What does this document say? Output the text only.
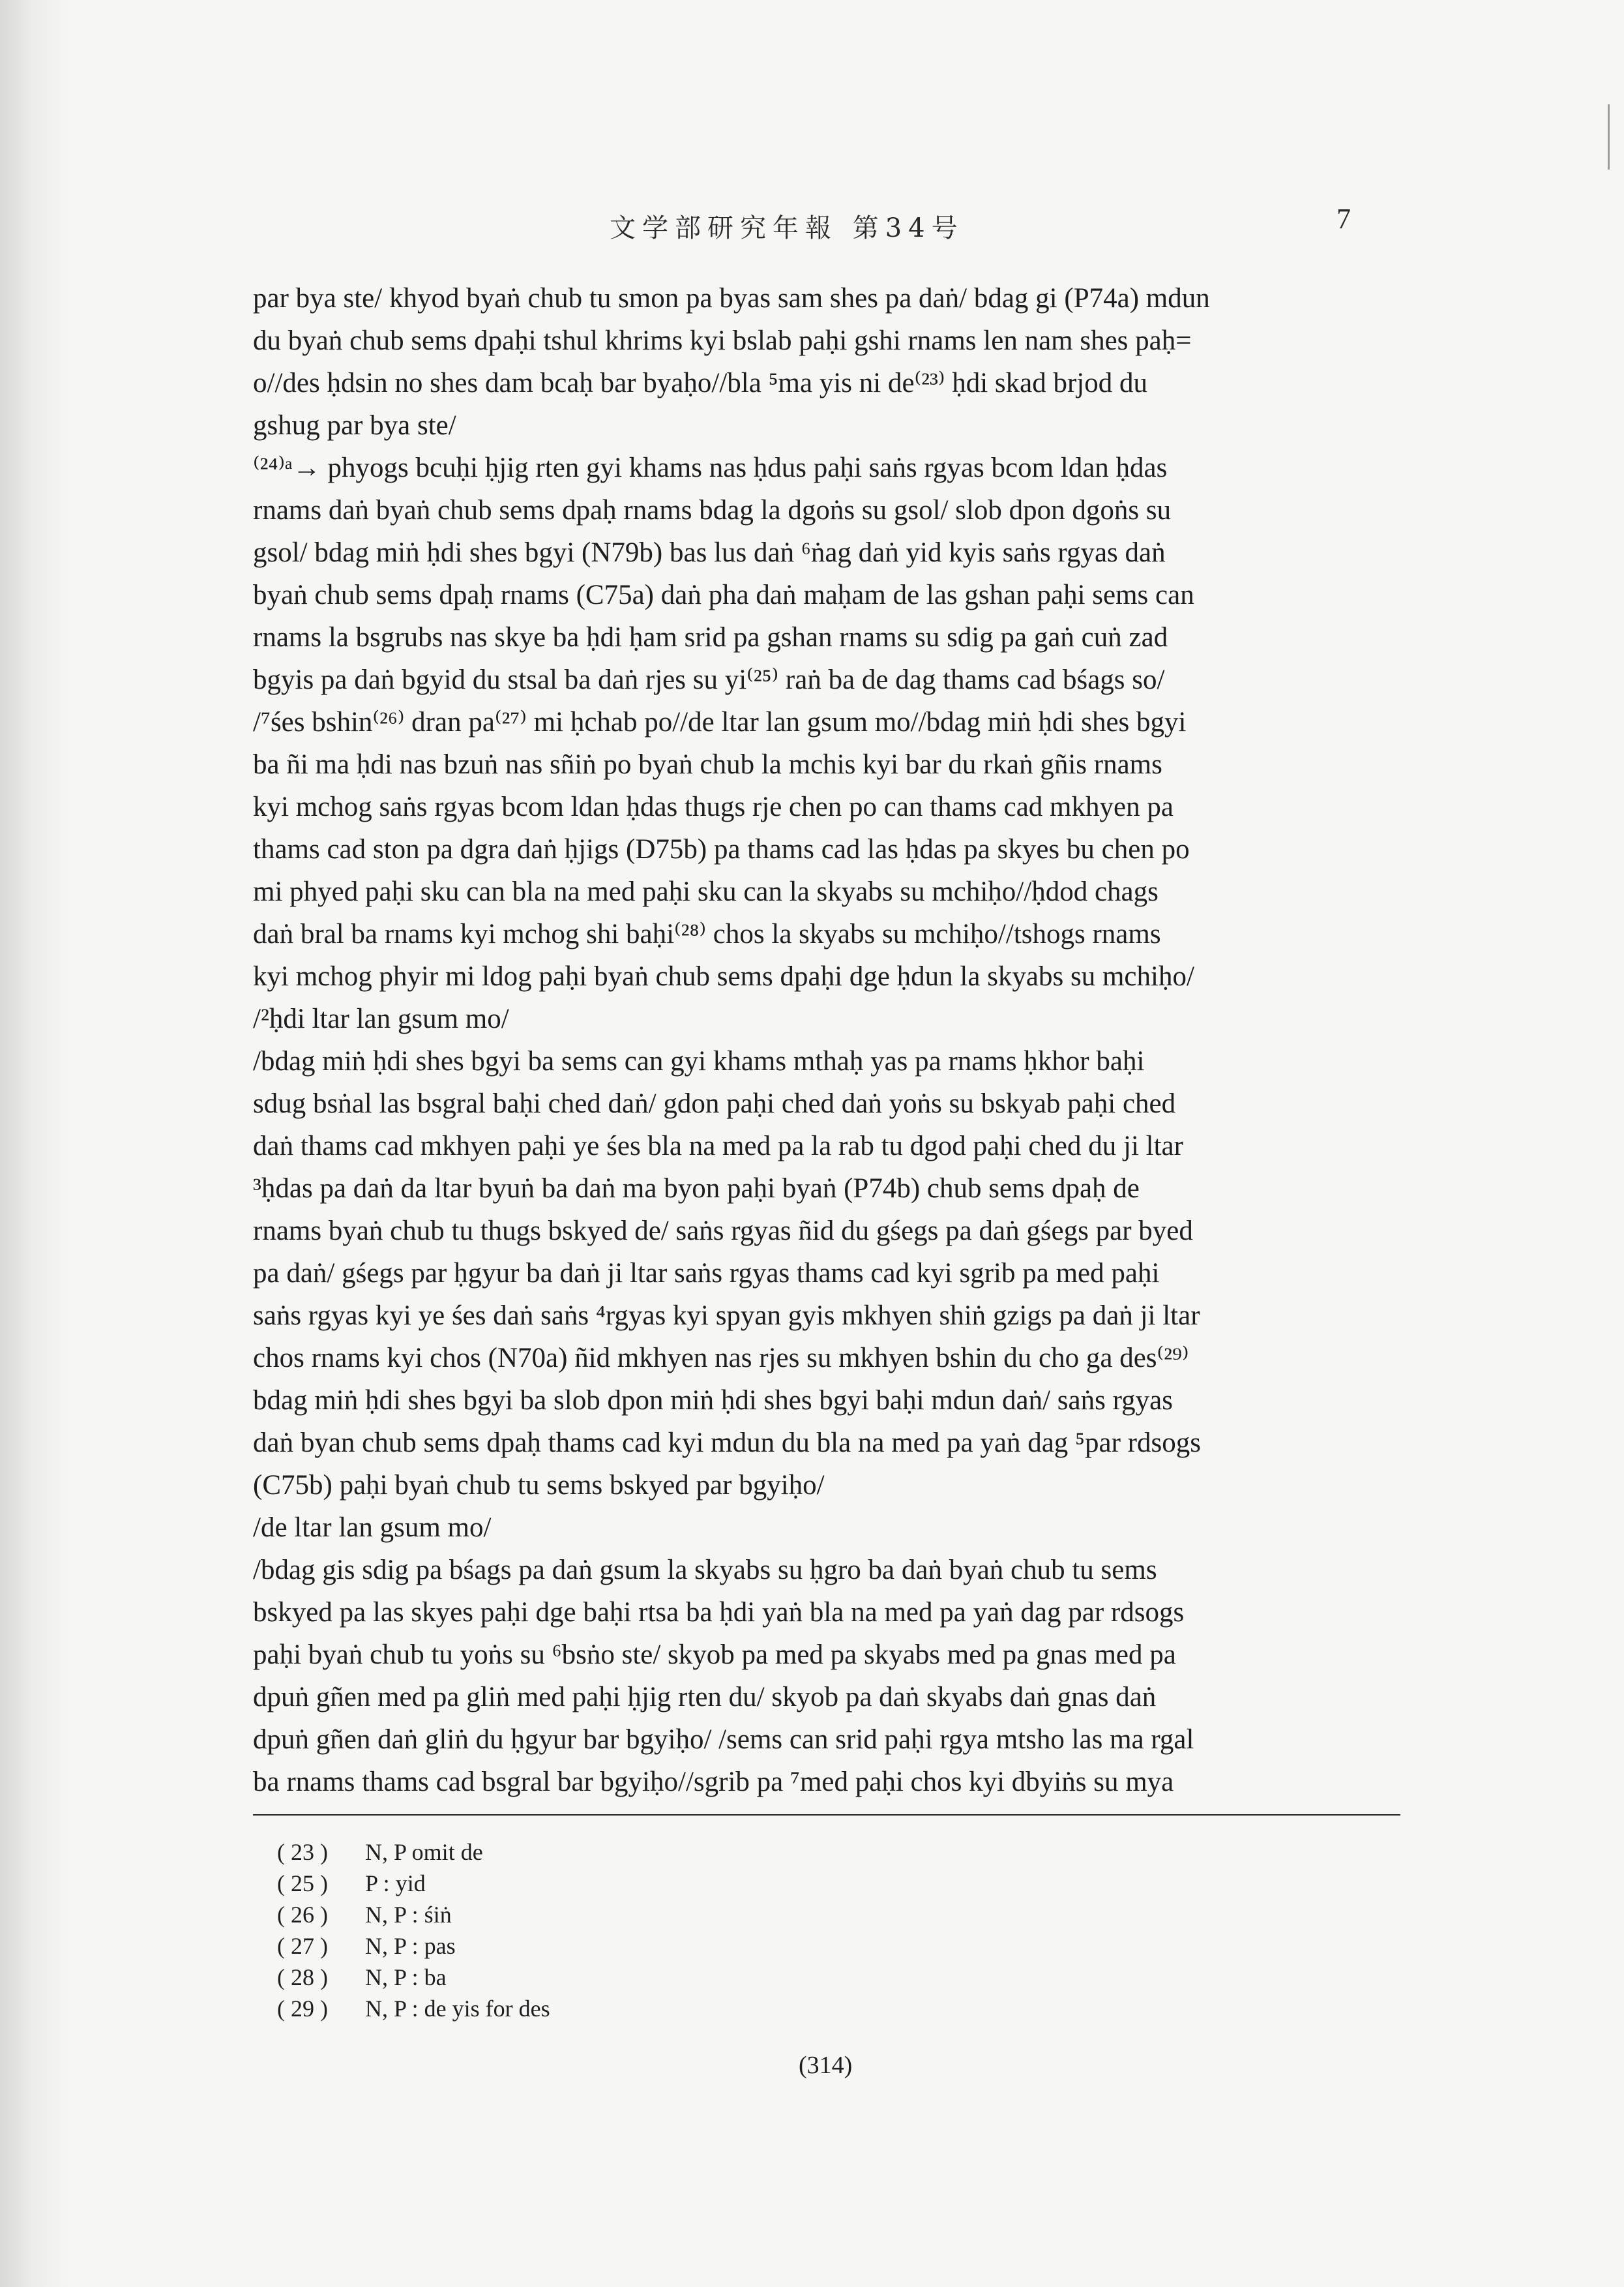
文学部研究年報 第34号	7
par bya ste/ khyod byaṅ chub tu smon pa byas sam shes pa daṅ/ bdag gi (P74a) mdun
du byaṅ chub sems dpaḥi tshul khrims kyi bslab paḥi gshi rnams len nam shes paḥ=
o//des ḥdsin no shes dam bcaḥ bar byaḥo//bla ⁵ma yis ni de⁽²³⁾ ḥdi skad brjod du
gshug par bya ste/
⁽²⁴⁾ᵃ→ phyogs bcuḥi ḥjig rten gyi khams nas ḥdus paḥi saṅs rgyas bcom ldan ḥdas
rnams daṅ byaṅ chub sems dpaḥ rnams bdag la dgoṅs su gsol/ slob dpon dgoṅs su
gsol/ bdag miṅ ḥdi shes bgyi (N79b) bas lus daṅ ⁶ṅag daṅ yid kyis saṅs rgyas daṅ
byaṅ chub sems dpaḥ rnams (C75a) daṅ pha daṅ maḥam de las gshan paḥi sems can
rnams la bsgrubs nas skye ba ḥdi ḥam srid pa gshan rnams su sdig pa gaṅ cuṅ zad
bgyis pa daṅ bgyid du stsal ba daṅ rjes su yi⁽²⁵⁾ raṅ ba de dag thams cad bśags so/
/⁷śes bshin⁽²⁶⁾ dran pa⁽²⁷⁾ mi ḥchab po//de ltar lan gsum mo//bdag miṅ ḥdi shes bgyi
ba ñi ma ḥdi nas bzuṅ nas sñiṅ po byaṅ chub la mchis kyi bar du rkaṅ gñis rnams
kyi mchog saṅs rgyas bcom ldan ḥdas thugs rje chen po can thams cad mkhyen pa
thams cad ston pa dgra daṅ ḥjigs (D75b) pa thams cad las ḥdas pa skyes bu chen po
mi phyed paḥi sku can bla na med paḥi sku can la skyabs su mchiḥo//ḥdod chags
daṅ bral ba rnams kyi mchog shi baḥi⁽²⁸⁾ chos la skyabs su mchiḥo//tshogs rnams
kyi mchog phyir mi ldog paḥi byaṅ chub sems dpaḥi dge ḥdun la skyabs su mchiḥo/
/²ḥdi ltar lan gsum mo/
/bdag miṅ ḥdi shes bgyi ba sems can gyi khams mthaḥ yas pa rnams ḥkhor baḥi
sdug bsṅal las bsgral baḥi ched daṅ/ gdon paḥi ched daṅ yoṅs su bskyab paḥi ched
daṅ thams cad mkhyen paḥi ye śes bla na med pa la rab tu dgod paḥi ched du ji ltar
³ḥdas pa daṅ da ltar byuṅ ba daṅ ma byon paḥi byaṅ (P74b) chub sems dpaḥ de
rnams byaṅ chub tu thugs bskyed de/ saṅs rgyas ñid du gśegs pa daṅ gśegs par byed
pa daṅ/ gśegs par ḥgyur ba daṅ ji ltar saṅs rgyas thams cad kyi sgrib pa med paḥi
saṅs rgyas kyi ye śes daṅ saṅs ⁴rgyas kyi spyan gyis mkhyen shiṅ gzigs pa daṅ ji ltar
chos rnams kyi chos (N70a) ñid mkhyen nas rjes su mkhyen bshin du cho ga des⁽²⁹⁾
bdag miṅ ḥdi shes bgyi ba slob dpon miṅ ḥdi shes bgyi baḥi mdun daṅ/ saṅs rgyas
daṅ byan chub sems dpaḥ thams cad kyi mdun du bla na med pa yaṅ dag ⁵par rdsogs
(C75b) paḥi byaṅ chub tu sems bskyed par bgyiḥo/
/de ltar lan gsum mo/
/bdag gis sdig pa bśags pa daṅ gsum la skyabs su ḥgro ba daṅ byaṅ chub tu sems
bskyed pa las skyes paḥi dge baḥi rtsa ba ḥdi yaṅ bla na med pa yaṅ dag par rdsogs
paḥi byaṅ chub tu yoṅs su ⁶bsṅo ste/ skyob pa med pa skyabs med pa gnas med pa
dpuṅ gñen med pa gliṅ med paḥi ḥjig rten du/ skyob pa daṅ skyabs daṅ gnas daṅ
dpuṅ gñen daṅ gliṅ du ḥgyur bar bgyiḥo/ /sems can srid paḥi rgya mtsho las ma rgal
ba rnams thams cad bsgral bar bgyiḥo//sgrib pa ⁷med paḥi chos kyi dbyiṅs su mya
( 23 ) N, P omit de
( 25 ) P : yid
( 26 ) N, P : śiṅ
( 27 ) N, P : pas
( 28 ) N, P : ba
( 29 ) N, P : de yis for des
(314)
